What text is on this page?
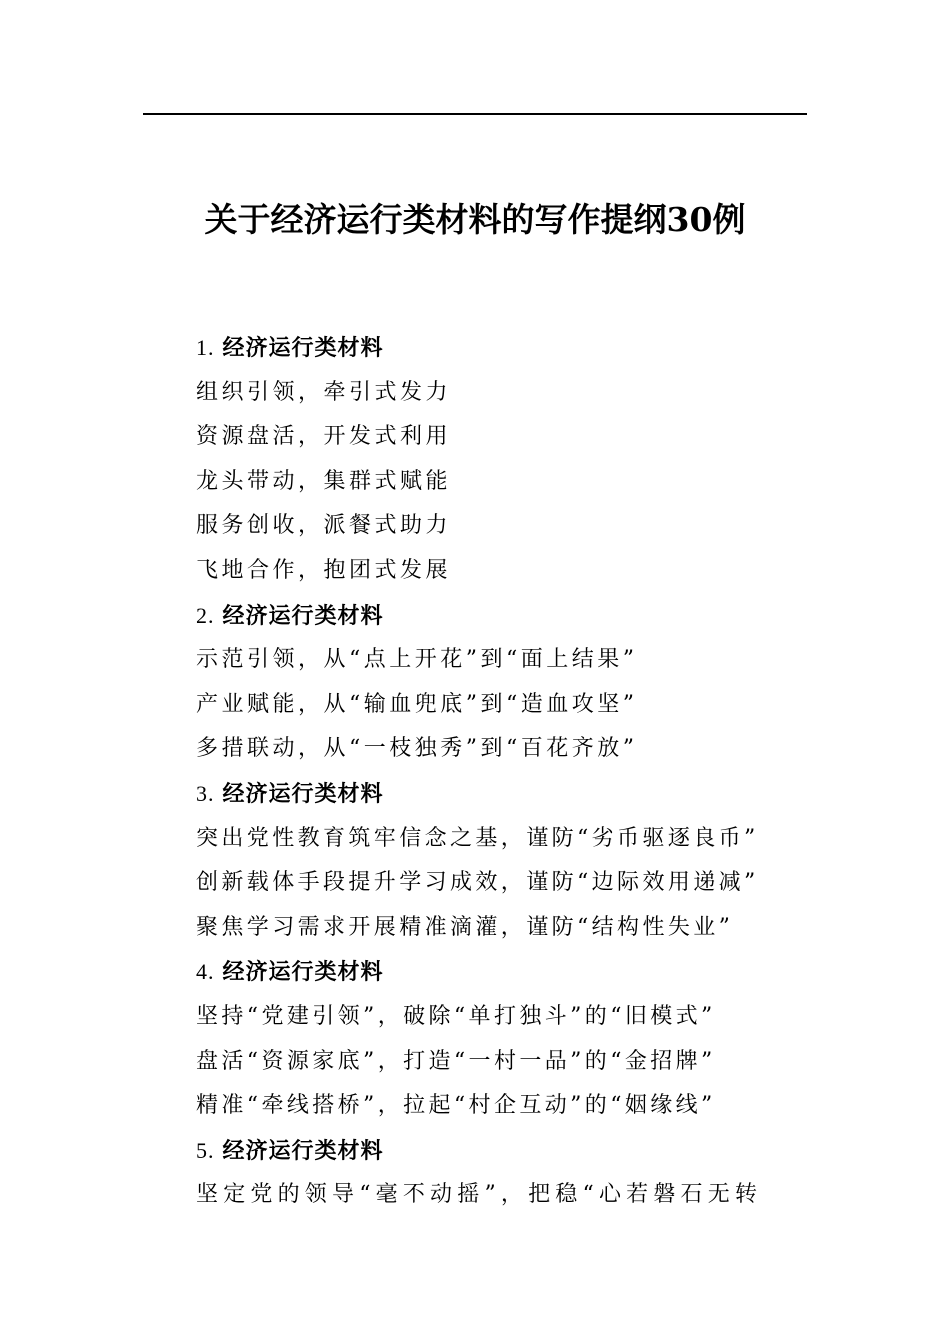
关于经济运行类材料的写作提纲30例
1. 经济运行类材料
组织引领，牵引式发力
资源盘活，开发式利用
龙头带动，集群式赋能
服务创收，派餐式助力
飞地合作，抱团式发展
2. 经济运行类材料
示范引领，从“点上开花”到“面上结果”
产业赋能，从“输血兜底”到“造血攻坚”
多措联动，从“一枝独秀”到“百花齐放”
3. 经济运行类材料
突出党性教育筑牢信念之基，谨防“劣币驱逐良币”
创新载体手段提升学习成效，谨防“边际效用递减”
聚焦学习需求开展精准滴灌，谨防“结构性失业”
4. 经济运行类材料
坚持“党建引领”，破除“单打独斗”的“旧模式”
盘活“资源家底”，打造“一村一品”的“金招牌”
精准“牵线搭桥”，拉起“村企互动”的“姻缘线”
5. 经济运行类材料
坚定党的领导“毫不动摇”，把稳“心若磐石无转
